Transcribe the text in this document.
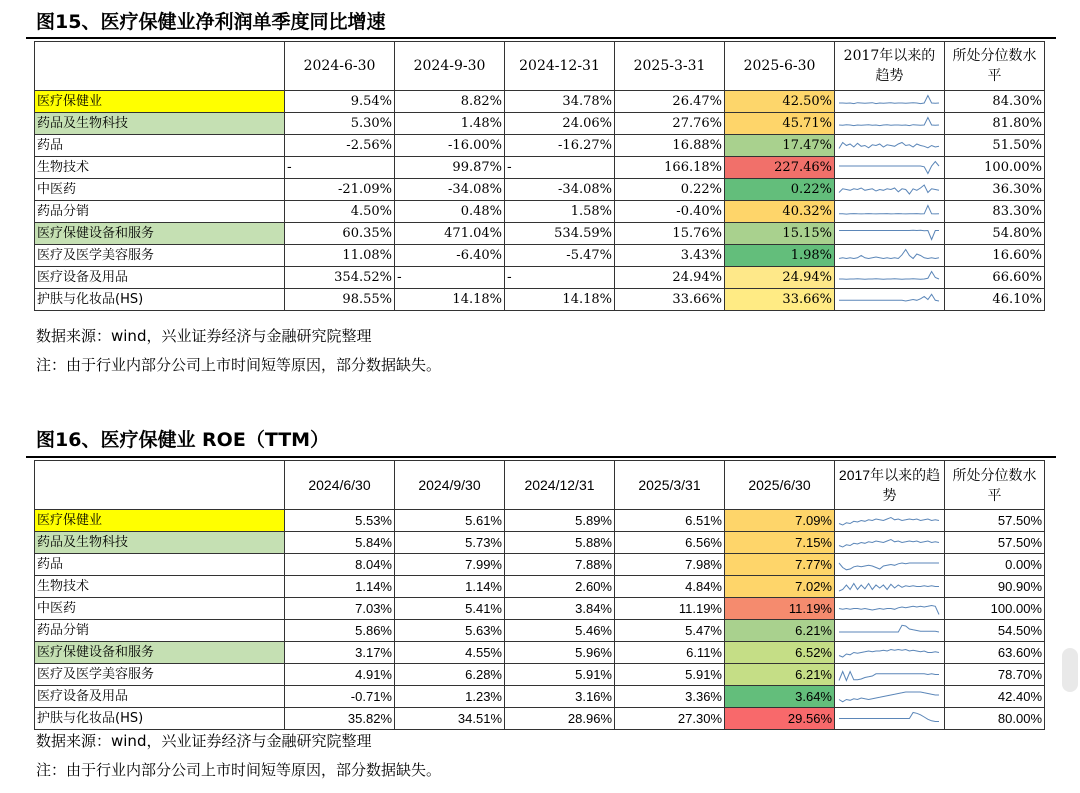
图15、医疗保健业净利润单季度同比增速
	2024-6-30	2024-9-30	2024-12-31	2025-3-31	2025-6-30	2017年以来的趋势	所处分位数水平
医疗保健业	9.54%	8.82%	34.78%	26.47%	42.50%		84.30%
药品及生物科技	5.30%	1.48%	24.06%	27.76%	45.71%		81.80%
药品	-2.56%	-16.00%	-16.27%	16.88%	17.47%		51.50%
生物技术	-	99.87%	-	166.18%	227.46%		100.00%
中医药	-21.09%	-34.08%	-34.08%	0.22%	0.22%		36.30%
药品分销	4.50%	0.48%	1.58%	-0.40%	40.32%		83.30%
医疗保健设备和服务	60.35%	471.04%	534.59%	15.76%	15.15%		54.80%
医疗及医学美容服务	11.08%	-6.40%	-5.47%	3.43%	1.98%		16.60%
医疗设备及用品	354.52%	-	-	24.94%	24.94%		66.60%
护肤与化妆品(HS)	98.55%	14.18%	14.18%	33.66%	33.66%		46.10%
数据来源：wind，兴业证券经济与金融研究院整理
注：由于行业内部分公司上市时间短等原因，部分数据缺失。
图16、医疗保健业 ROE（TTM）
	2024/6/30	2024/9/30	2024/12/31	2025/3/31	2025/6/30	2017年以来的趋势	所处分位数水平
医疗保健业	5.53%	5.61%	5.89%	6.51%	7.09%		57.50%
药品及生物科技	5.84%	5.73%	5.88%	6.56%	7.15%		57.50%
药品	8.04%	7.99%	7.88%	7.98%	7.77%		0.00%
生物技术	1.14%	1.14%	2.60%	4.84%	7.02%		90.90%
中医药	7.03%	5.41%	3.84%	11.19%	11.19%		100.00%
药品分销	5.86%	5.63%	5.46%	5.47%	6.21%		54.50%
医疗保健设备和服务	3.17%	4.55%	5.96%	6.11%	6.52%		63.60%
医疗及医学美容服务	4.91%	6.28%	5.91%	5.91%	6.21%		78.70%
医疗设备及用品	-0.71%	1.23%	3.16%	3.36%	3.64%		42.40%
护肤与化妆品(HS)	35.82%	34.51%	28.96%	27.30%	29.56%		80.00%
数据来源：wind，兴业证券经济与金融研究院整理
注：由于行业内部分公司上市时间短等原因，部分数据缺失。
